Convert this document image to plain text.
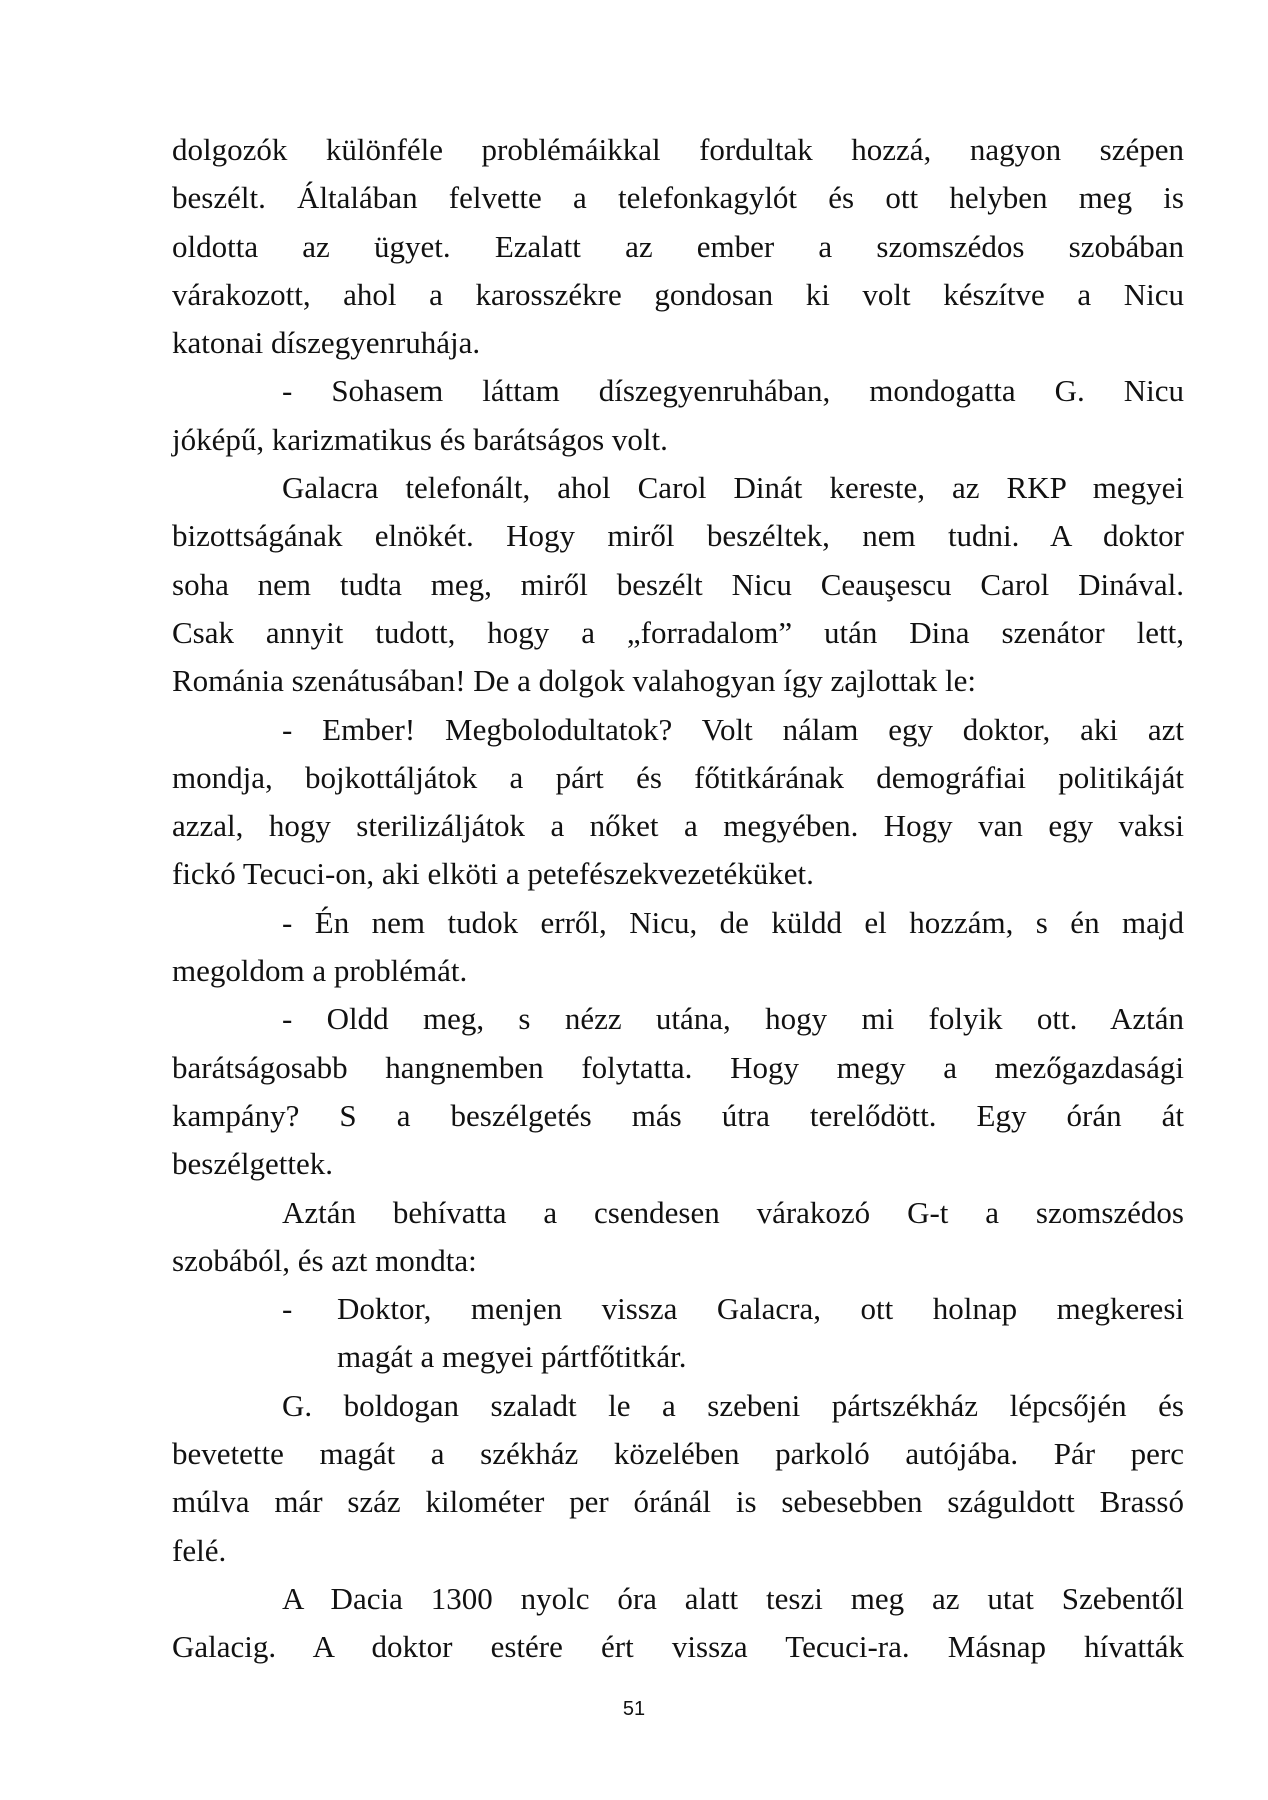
dolgozók különféle problémáikkal fordultak hozzá, nagyon szépen
beszélt. Általában felvette a telefonkagylót és ott helyben meg is
oldotta az ügyet. Ezalatt az ember a szomszédos szobában
várakozott, ahol a karosszékre gondosan ki volt készítve a Nicu
katonai díszegyenruhája.
- Sohasem láttam díszegyenruhában, mondogatta G. Nicu
jóképű, karizmatikus és barátságos volt.
Galacra telefonált, ahol Carol Dinát kereste, az RKP megyei
bizottságának elnökét. Hogy miről beszéltek, nem tudni. A doktor
soha nem tudta meg, miről beszélt Nicu Ceauşescu Carol Dinával.
Csak annyit tudott, hogy a „forradalom” után Dina szenátor lett,
Románia szenátusában! De a dolgok valahogyan így zajlottak le:
- Ember! Megbolodultatok? Volt nálam egy doktor, aki azt
mondja, bojkottáljátok a párt és főtitkárának demográfiai politikáját
azzal, hogy sterilizáljátok a nőket a megyében. Hogy van egy vaksi
fickó Tecuci-on, aki elköti a petefészekvezetéküket.
- Én nem tudok erről, Nicu, de küldd el hozzám, s én majd
megoldom a problémát.
- Oldd meg, s nézz utána, hogy mi folyik ott. Aztán
barátságosabb hangnemben folytatta. Hogy megy a mezőgazdasági
kampány? S a beszélgetés más útra terelődött. Egy órán át
beszélgettek.
Aztán behívatta a csendesen várakozó G-t a szomszédos
szobából, és azt mondta:
- Doktor, menjen vissza Galacra, ott holnap megkeresi
magát a megyei pártfőtitkár.
G. boldogan szaladt le a szebeni pártszékház lépcsőjén és
bevetette magát a székház közelében parkoló autójába. Pár perc
múlva már száz kilométer per óránál is sebesebben száguldott Brassó
felé.
A Dacia 1300 nyolc óra alatt teszi meg az utat Szebentől
Galacig. A doktor estére ért vissza Tecuci-ra. Másnap hívatták
51
